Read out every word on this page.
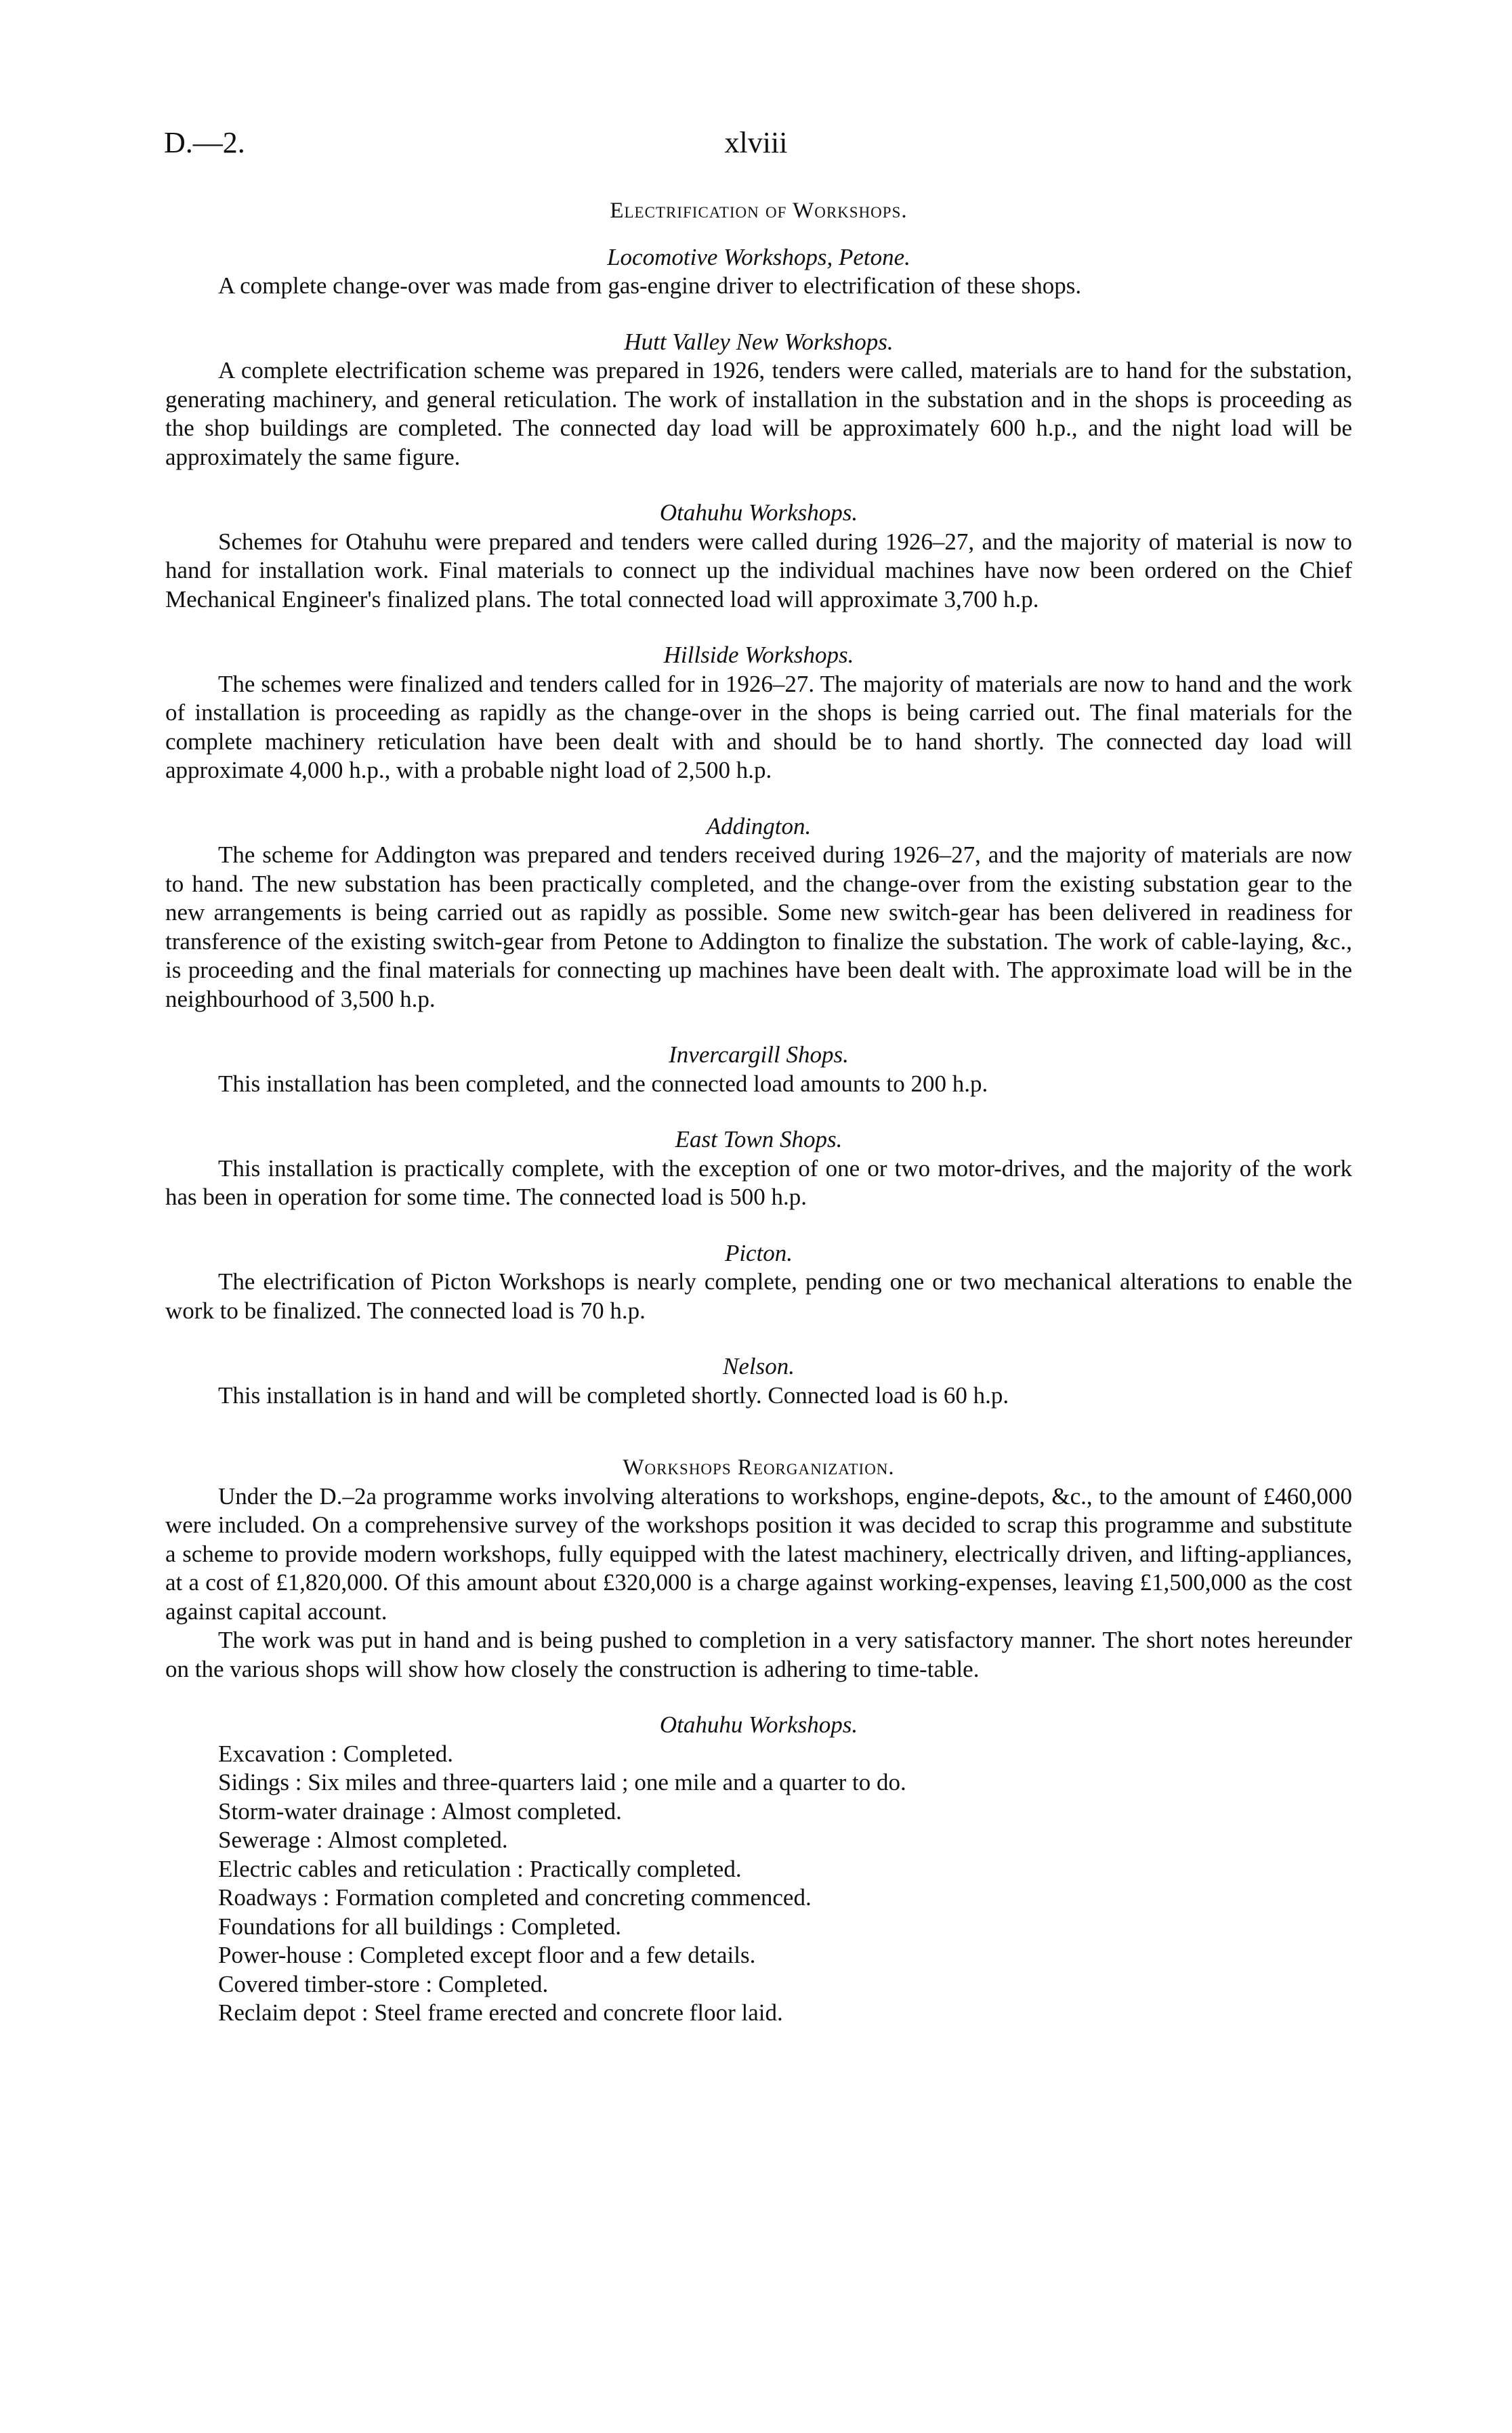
D.—2.	xlviii
Electrification of Workshops.
Locomotive Workshops, Petone.

A complete change-over was made from gas-engine driver to electrification of these shops.

Hutt Valley New Workshops.

A complete electrification scheme was prepared in 1926, tenders were called, materials are to hand for the substation, generating machinery, and general reticulation. The work of installation in the substation and in the shops is proceeding as the shop buildings are completed. The connected day load will be approximately 600 h.p., and the night load will be approximately the same figure.

Otahuhu Workshops.

Schemes for Otahuhu were prepared and tenders were called during 1926–27, and the majority of material is now to hand for installation work. Final materials to connect up the individual machines have now been ordered on the Chief Mechanical Engineer's finalized plans. The total connected load will approximate 3,700 h.p.

Hillside Workshops.

The schemes were finalized and tenders called for in 1926–27. The majority of materials are now to hand and the work of installation is proceeding as rapidly as the change-over in the shops is being carried out. The final materials for the complete machinery reticulation have been dealt with and should be to hand shortly. The connected day load will approximate 4,000 h.p., with a probable night load of 2,500 h.p.

Addington.

The scheme for Addington was prepared and tenders received during 1926–27, and the majority of materials are now to hand. The new substation has been practically completed, and the change-over from the existing substation gear to the new arrangements is being carried out as rapidly as possible. Some new switch-gear has been delivered in readiness for transference of the existing switch-gear from Petone to Addington to finalize the substation. The work of cable-laying, &c., is proceeding and the final materials for connecting up machines have been dealt with. The approximate load will be in the neighbourhood of 3,500 h.p.

Invercargill Shops.

This installation has been completed, and the connected load amounts to 200 h.p.

East Town Shops.

This installation is practically complete, with the exception of one or two motor-drives, and the majority of the work has been in operation for some time. The connected load is 500 h.p.

Picton.

The electrification of Picton Workshops is nearly complete, pending one or two mechanical alterations to enable the work to be finalized. The connected load is 70 h.p.

Nelson.

This installation is in hand and will be completed shortly. Connected load is 60 h.p.

Workshops Reorganization.

Under the D.–2a programme works involving alterations to workshops, engine-depots, &c., to the amount of £460,000 were included. On a comprehensive survey of the workshops position it was decided to scrap this programme and substitute a scheme to provide modern workshops, fully equipped with the latest machinery, electrically driven, and lifting-appliances, at a cost of £1,820,000. Of this amount about £320,000 is a charge against working-expenses, leaving £1,500,000 as the cost against capital account.

The work was put in hand and is being pushed to completion in a very satisfactory manner. The short notes hereunder on the various shops will show how closely the construction is adhering to time-table.

Otahuhu Workshops.
Excavation : Completed.
Sidings : Six miles and three-quarters laid ; one mile and a quarter to do.
Storm-water drainage : Almost completed.
Sewerage : Almost completed.
Electric cables and reticulation : Practically completed.
Roadways : Formation completed and concreting commenced.
Foundations for all buildings : Completed.
Power-house : Completed except floor and a few details.
Covered timber-store : Completed.
Reclaim depot : Steel frame erected and concrete floor laid.
